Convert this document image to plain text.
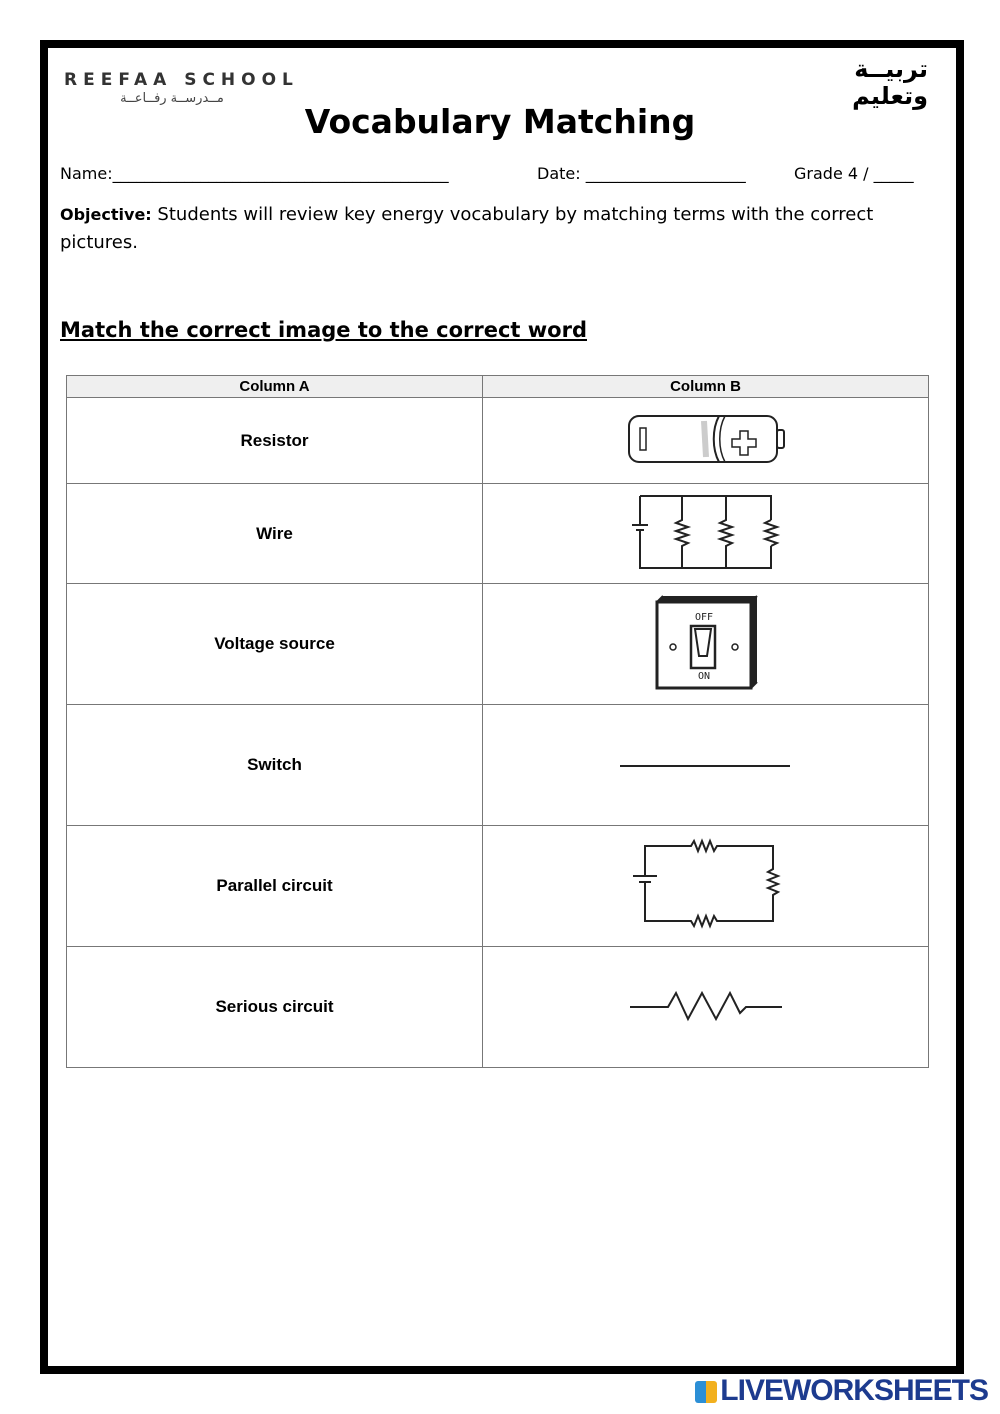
REEFAA SCHOOL
مــدرســة رفــاعــة
تربيــة
وتعليم
Vocabulary Matching
Name:__________________________________________	Date: ____________________	Grade 4 / _____
Objective: Students will review key energy vocabulary by matching terms with the correct pictures.
Match the correct image to the correct word
Column A	Column B
Resistor	
Wire	
Voltage source	OFF
ON

Switch	
Parallel circuit	
Serious circuit	
LIVEWORKSHEETS
